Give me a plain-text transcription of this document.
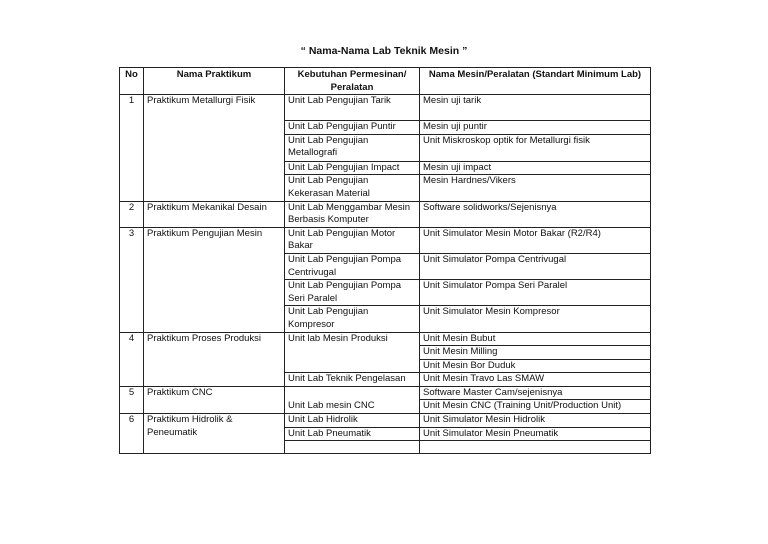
“ Nama-Nama Lab Teknik Mesin ”
No	Nama Praktikum	Kebutuhan Permesinan/ Peralatan	Nama Mesin/Peralatan (Standart Minimum Lab)
1	Praktikum Metallurgi Fisik	Unit Lab Pengujian Tarik	Mesin uji tarik
		Unit Lab Pengujian Puntir	Mesin uji puntir
		Unit Lab Pengujian Metallografi	Unit Miskroskop optik for Metallurgi fisik
		Unit Lab Pengujian Impact	Mesin uji impact
		Unit Lab Pengujian Kekerasan Material	Mesin Hardnes/Vikers
2	Praktikum Mekanikal Desain	Unit Lab Menggambar Mesin Berbasis Komputer	Software solidworks/Sejenisnya
3	Praktikum Pengujian Mesin	Unit Lab Pengujian Motor Bakar	Unit Simulator Mesin Motor Bakar (R2/R4)
		Unit Lab Pengujian Pompa Centrivugal	Unit Simulator Pompa Centrivugal
		Unit Lab Pengujian Pompa Seri Paralel	Unit Simulator Pompa Seri Paralel
		Unit Lab Pengujian Kompresor	Unit Simulator Mesin Kompresor
4	Praktikum Proses Produksi	Unit lab Mesin Produksi	Unit Mesin Bubut
			Unit Mesin Milling
			Unit Mesin Bor Duduk
		Unit Lab Teknik Pengelasan	Unit Mesin Travo Las SMAW
5	Praktikum CNC	Unit Lab mesin CNC	Software Master Cam/sejenisnya
			Unit Mesin CNC (Training Unit/Production Unit)
6	Praktikum Hidrolik & Peneumatik	Unit Lab Hidrolik	Unit Simulator Mesin Hidrolik
		Unit Lab Pneumatik	Unit Simulator Mesin Pneumatik
